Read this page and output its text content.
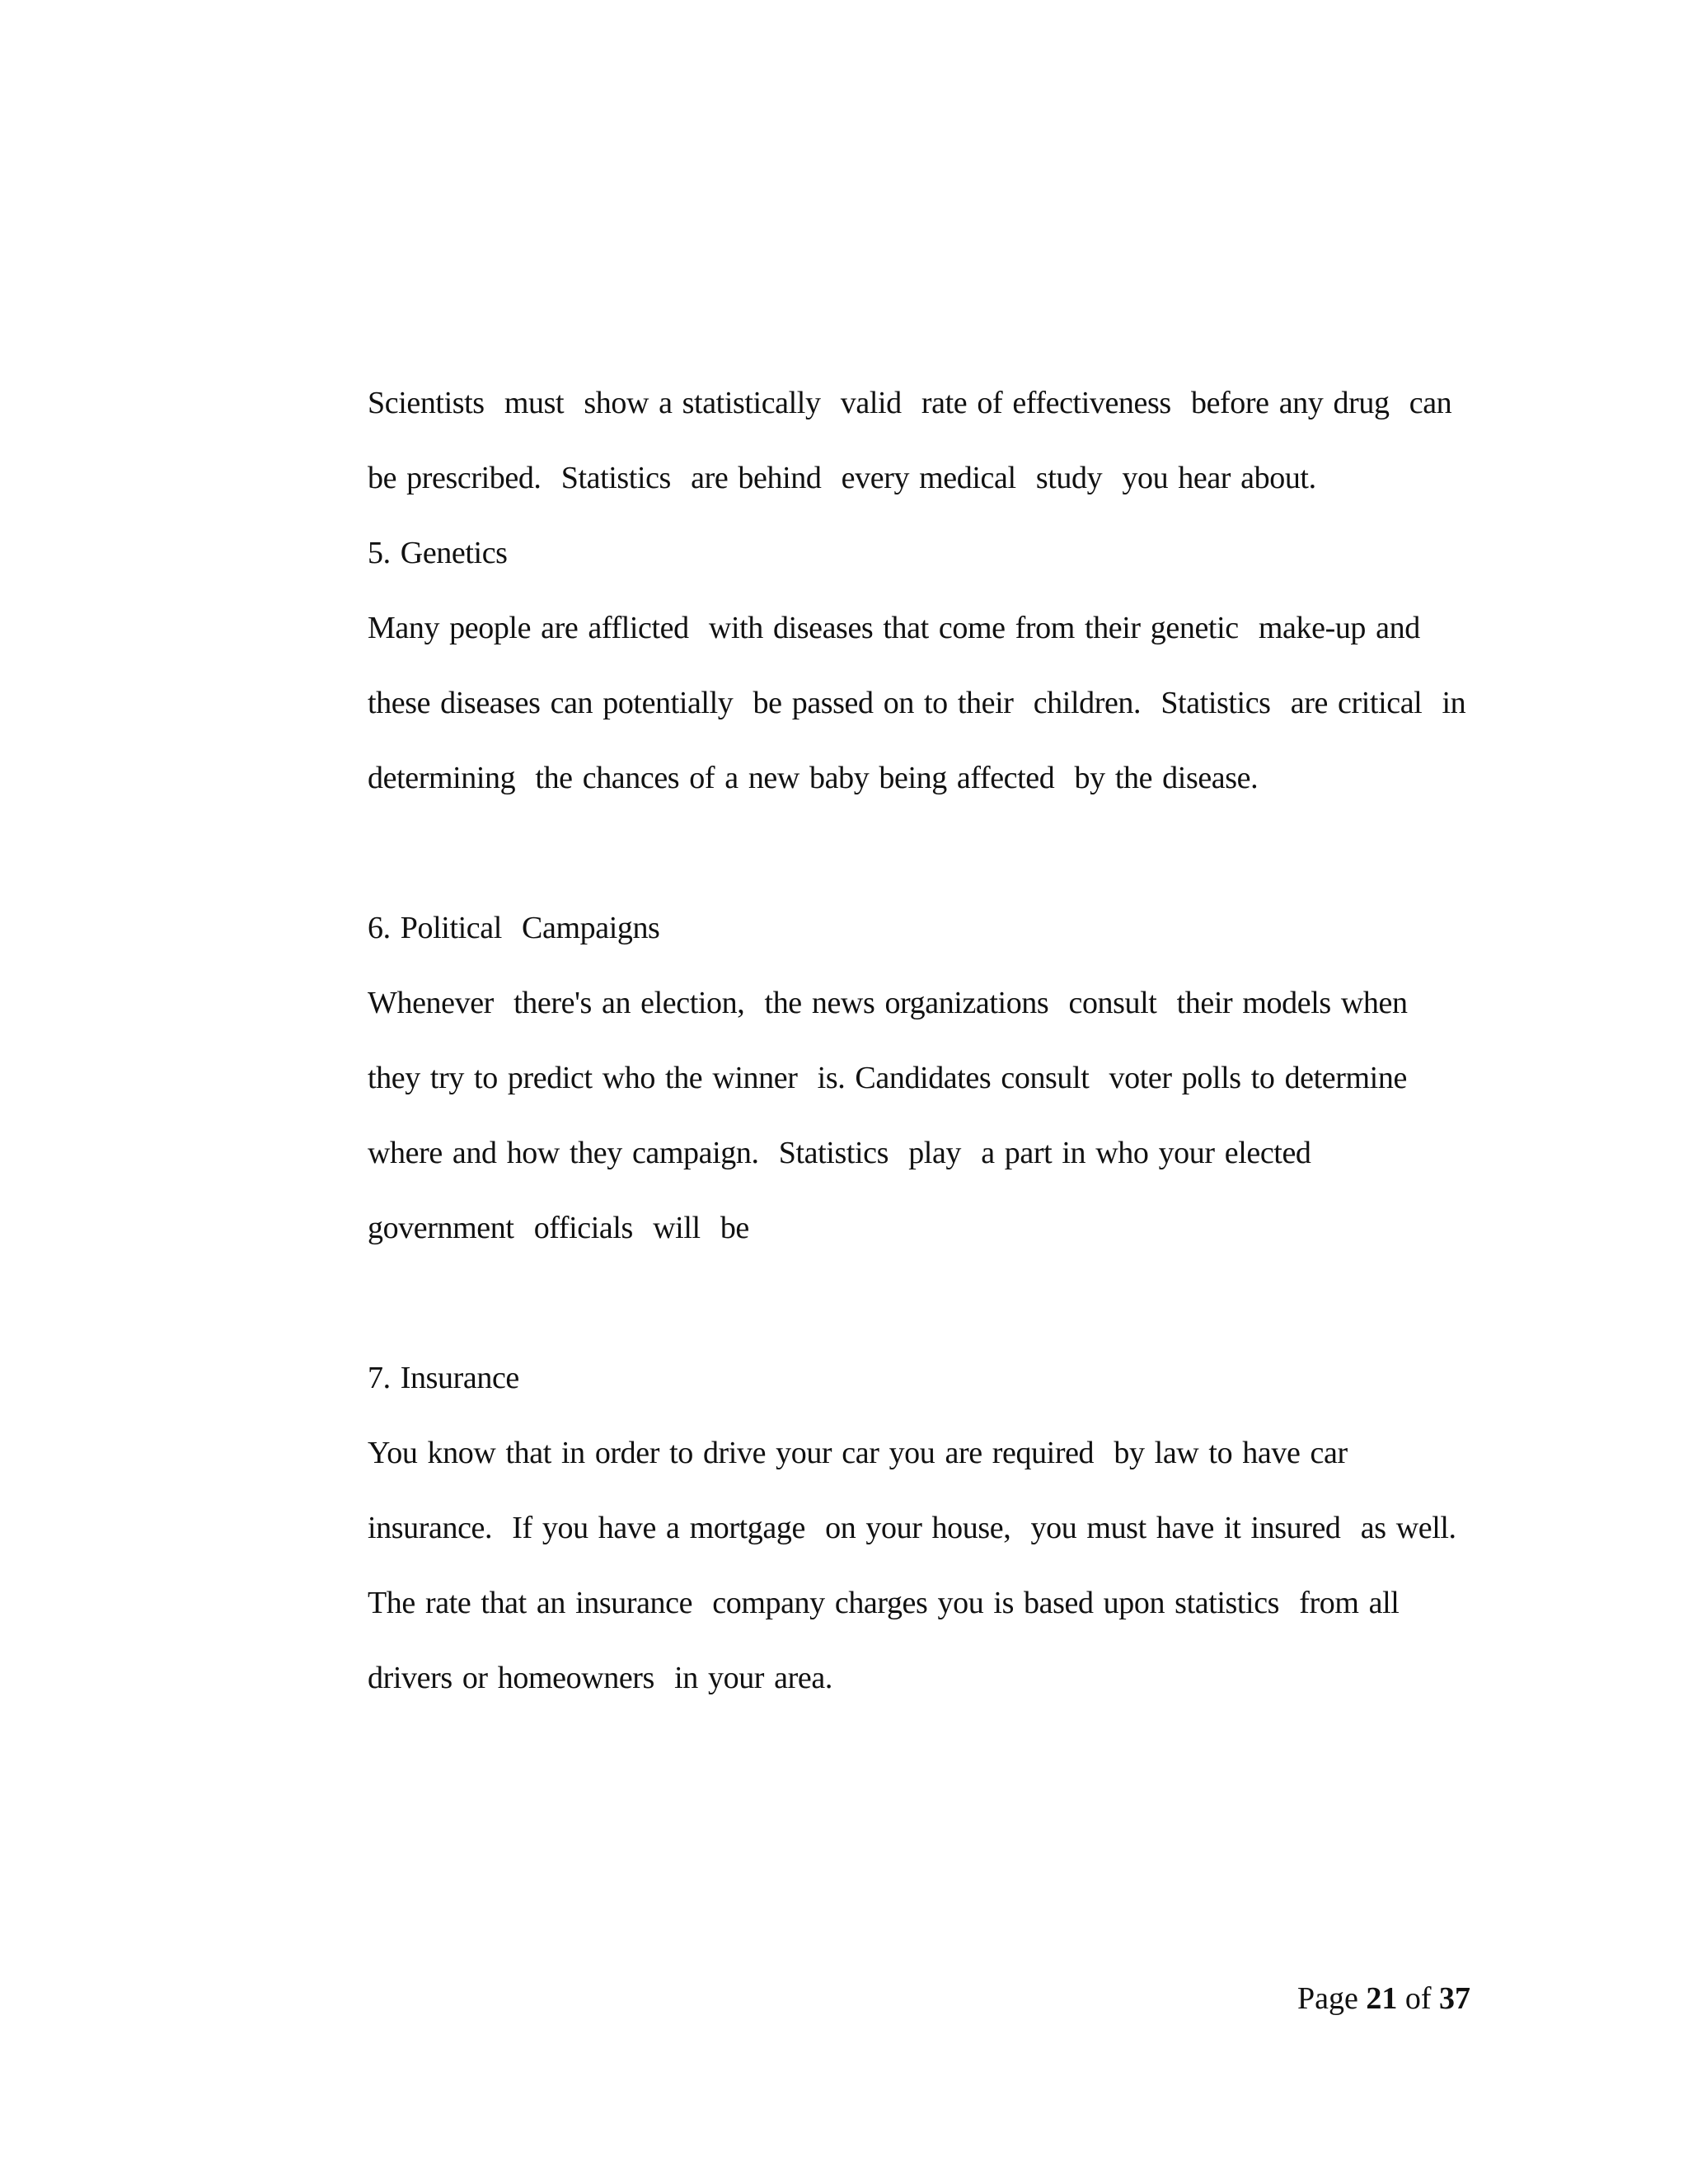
Scientists  must  show a statistically  valid  rate of effectiveness  before any drug  can
be prescribed.  Statistics  are behind  every medical  study  you hear about.
5. Genetics
Many people are afflicted  with diseases that come from their genetic  make-up and
these diseases can potentially  be passed on to their  children.  Statistics  are critical  in
determining  the chances of a new baby being affected  by the disease.
6. Political  Campaigns
Whenever  there's an election,  the news organizations  consult  their models when
they try to predict who the winner  is. Candidates consult  voter polls to determine
where and how they campaign.  Statistics  play  a part in who your elected
government  officials  will  be
7. Insurance
You know that in order to drive your car you are required  by law to have car
insurance.  If you have a mortgage  on your house,  you must have it insured  as well.
The rate that an insurance  company charges you is based upon statistics  from all
drivers or homeowners  in your area.
Page 21 of 37
